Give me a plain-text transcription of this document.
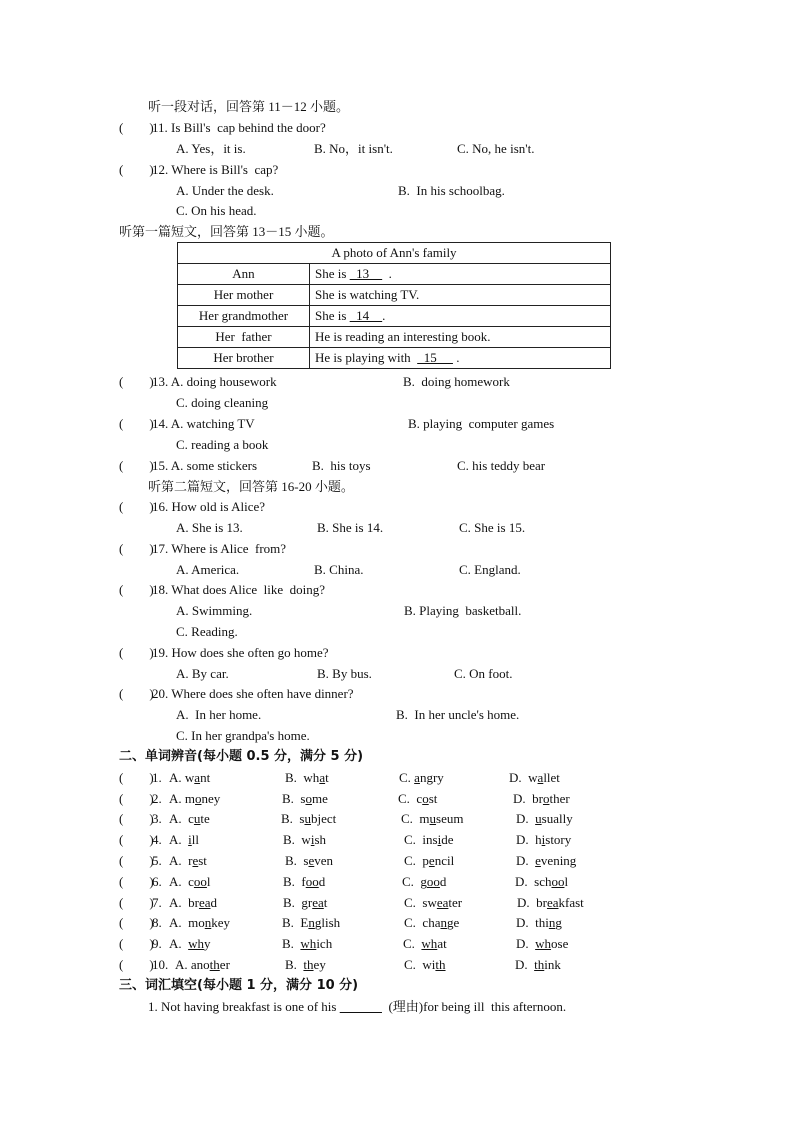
听一段对话，回答第 11－12 小题。
(        )
11. Is Bill's  cap behind the door?
A. Yes，it is.	B. No，it isn't.	C. No, he isn't.
(        )
12. Where is Bill's  cap?
A. Under the desk.	B.  In his schoolbag.
C. On his head.
听第一篇短文，回答第 13－15 小题。
A photo of Ann's family	
Ann	She is   13      .
Her mother	She is watching TV.
Her grandmother	She is   14    .
Her  father	He is reading an interesting book.
Her brother	He is playing with    15      .
(        )
13. A. doing housework	B.  doing homework
C. doing cleaning
(        )
14. A. watching TV	B. playing  computer games
C. reading a book
(        )
15. A. some stickers	B.  his toys	C. his teddy bear
听第二篇短文，回答第 16-20 小题。
(        )
16. How old is Alice?
A. She is 13.	B. She is 14.	C. She is 15.
(        )
17. Where is Alice  from?
A. America.	B. China.	C. England.
(        )
18. What does Alice  like  doing?
A. Swimming.	B. Playing  basketball.
C. Reading.
(        )
19. How does she often go home?
A. By car.	B. By bus.	C. On foot.
(        )
20. Where does she often have dinner?
A.  In her home.	B.  In her uncle's home.
C. In her grandpa's home.
二、单词辨音(每小题 0.5 分，满分 5 分)
(        )
1. A. want	B.  what	C. angry	D.  wallet
(        )
2. A. money	B.  some	C.  cost	D.  brother
(        )
3. A.  cute	B.  subject	C.  museum	D.  usually
(        )
4. A.  ill	B.  wish	C.  inside	D.  history
(        )
5. A.  rest	B.  seven	C.  pencil	D.  evening
(        )
6. A.  cool	B.  food	C.  good	D.  school
(        )
7. A.  bread	B.  great	C.  sweater	D.  breakfast
(        )
8. A.  monkey	B.  English	C.  change	D.  thing
(        )
9. A.  why	B.  which	C.  what	D.  whose
(        )
10. A. another	B.  they	C.  with	D.  think
三、词汇填空(每小题 1 分，满分 10 分)
1. Not having breakfast is one of his	(理由)for being ill  this afternoon.
